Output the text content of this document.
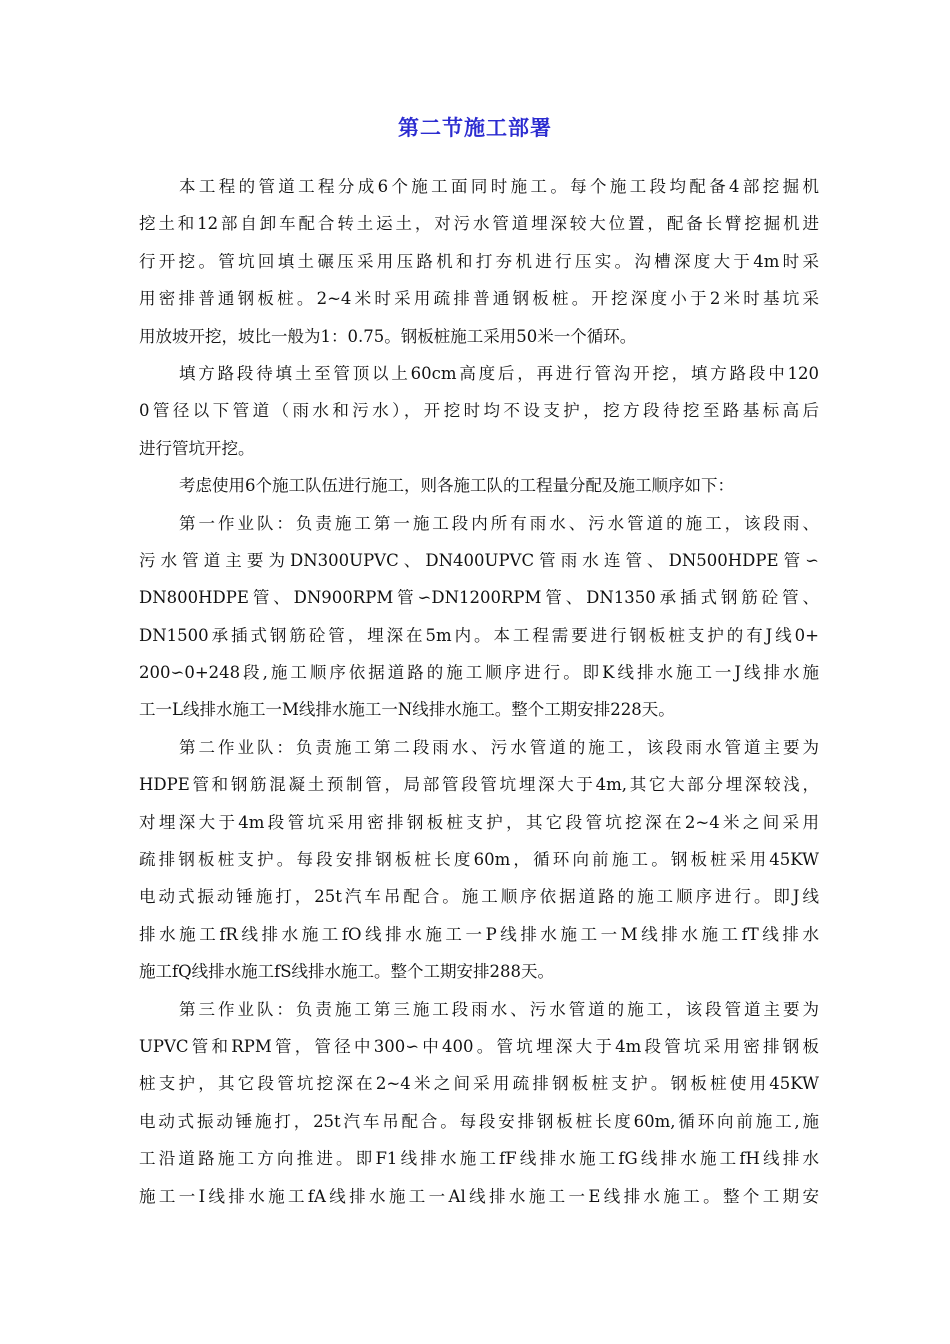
第二节施工部署
本工程的管道工程分成6个施工面同时施工。每个施工段均配备4部挖掘机
挖土和12部自卸车配合转土运土，对污水管道埋深较大位置，配备长臂挖掘机进
行开挖。管坑回填土碾压采用压路机和打夯机进行压实。沟槽深度大于4m时采
用密排普通钢板桩。2~4米时采用疏排普通钢板桩。开挖深度小于2米时基坑采
用放坡开挖，坡比一般为1：0.75。钢板桩施工采用50米一个循环。
填方路段待填土至管顶以上60cm高度后，再进行管沟开挖，填方路段中120
0管径以下管道（雨水和污水），开挖时均不设支护，挖方段待挖至路基标高后
进行管坑开挖。
考虑使用6个施工队伍进行施工，则各施工队的工程量分配及施工顺序如下：
第一作业队：负责施工第一施工段内所有雨水、污水管道的施工，该段雨、
污水管道主要为DN300UPVC、DN400UPVC管雨水连管、DN500HDPE管∽
DN800HDPE管、DN900RPM管∽DN1200RPM管、DN1350承插式钢筋砼管、
DN1500承插式钢筋砼管，埋深在5m内。本工程需要进行钢板桩支护的有J线0+
200∽0+248段,施工顺序依据道路的施工顺序进行。即K线排水施工一J线排水施
工一L线排水施工一M线排水施工一N线排水施工。整个工期安排228天。
第二作业队：负责施工第二段雨水、污水管道的施工，该段雨水管道主要为
HDPE管和钢筋混凝土预制管，局部管段管坑埋深大于4m,其它大部分埋深较浅，
对埋深大于4m段管坑采用密排钢板桩支护，其它段管坑挖深在2~4米之间采用
疏排钢板桩支护。每段安排钢板桩长度60m，循环向前施工。钢板桩采用45KW
电动式振动锤施打，25t汽车吊配合。施工顺序依据道路的施工顺序进行。即J线
排水施工fR线排水施工fO线排水施工一P线排水施工一M线排水施工fT线排水
施工fQ线排水施工fS线排水施工。整个工期安排288天。
第三作业队：负责施工第三施工段雨水、污水管道的施工，该段管道主要为
UPVC管和RPM管，管径中300∽中400。管坑埋深大于4m段管坑采用密排钢板
桩支护，其它段管坑挖深在2~4米之间采用疏排钢板桩支护。钢板桩使用45KW
电动式振动锤施打，25t汽车吊配合。每段安排钢板桩长度60m,循环向前施工,施
工沿道路施工方向推进。即F1线排水施工fF线排水施工fG线排水施工fH线排水
施工一I线排水施工fA线排水施工一Al线排水施工一E线排水施工。整个工期安
